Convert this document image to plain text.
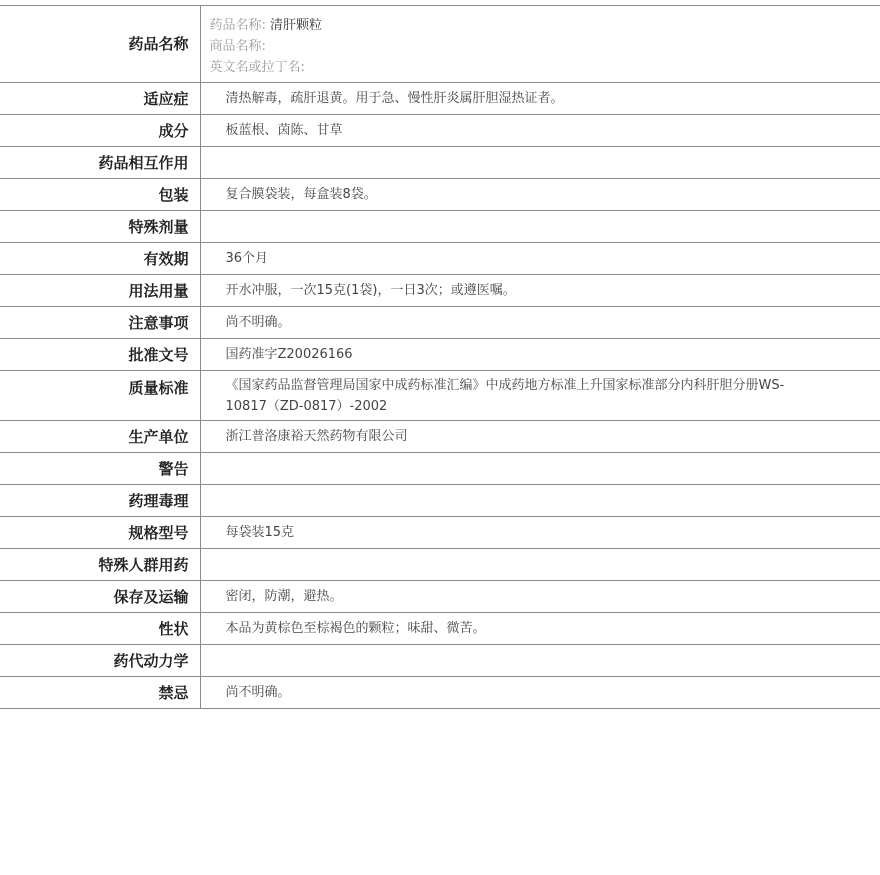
药品名称	药品名称: 清肝颗粒
商品名称:
英文名或拉丁名:

适应症	清热解毒，疏肝退黄。用于急、慢性肝炎属肝胆湿热证者。
成分	板蓝根、茵陈、甘草
药品相互作用	
包装	复合膜袋装，每盒装8袋。
特殊剂量	
有效期	36个月
用法用量	开水冲服，一次15克(1袋)，一日3次；或遵医嘱。
注意事项	尚不明确。
批准文号	国药准字Z20026166
质量标准	《国家药品监督管理局国家中成药标准汇编》中成药地方标准上升国家标准部分内科肝胆分册WS-10817（ZD-0817）-2002
生产单位	浙江普洛康裕天然药物有限公司
警告	
药理毒理	
规格型号	每袋装15克
特殊人群用药	
保存及运输	密闭，防潮，避热。
性状	本品为黄棕色至棕褐色的颗粒；味甜、微苦。
药代动力学	
禁忌	尚不明确。
